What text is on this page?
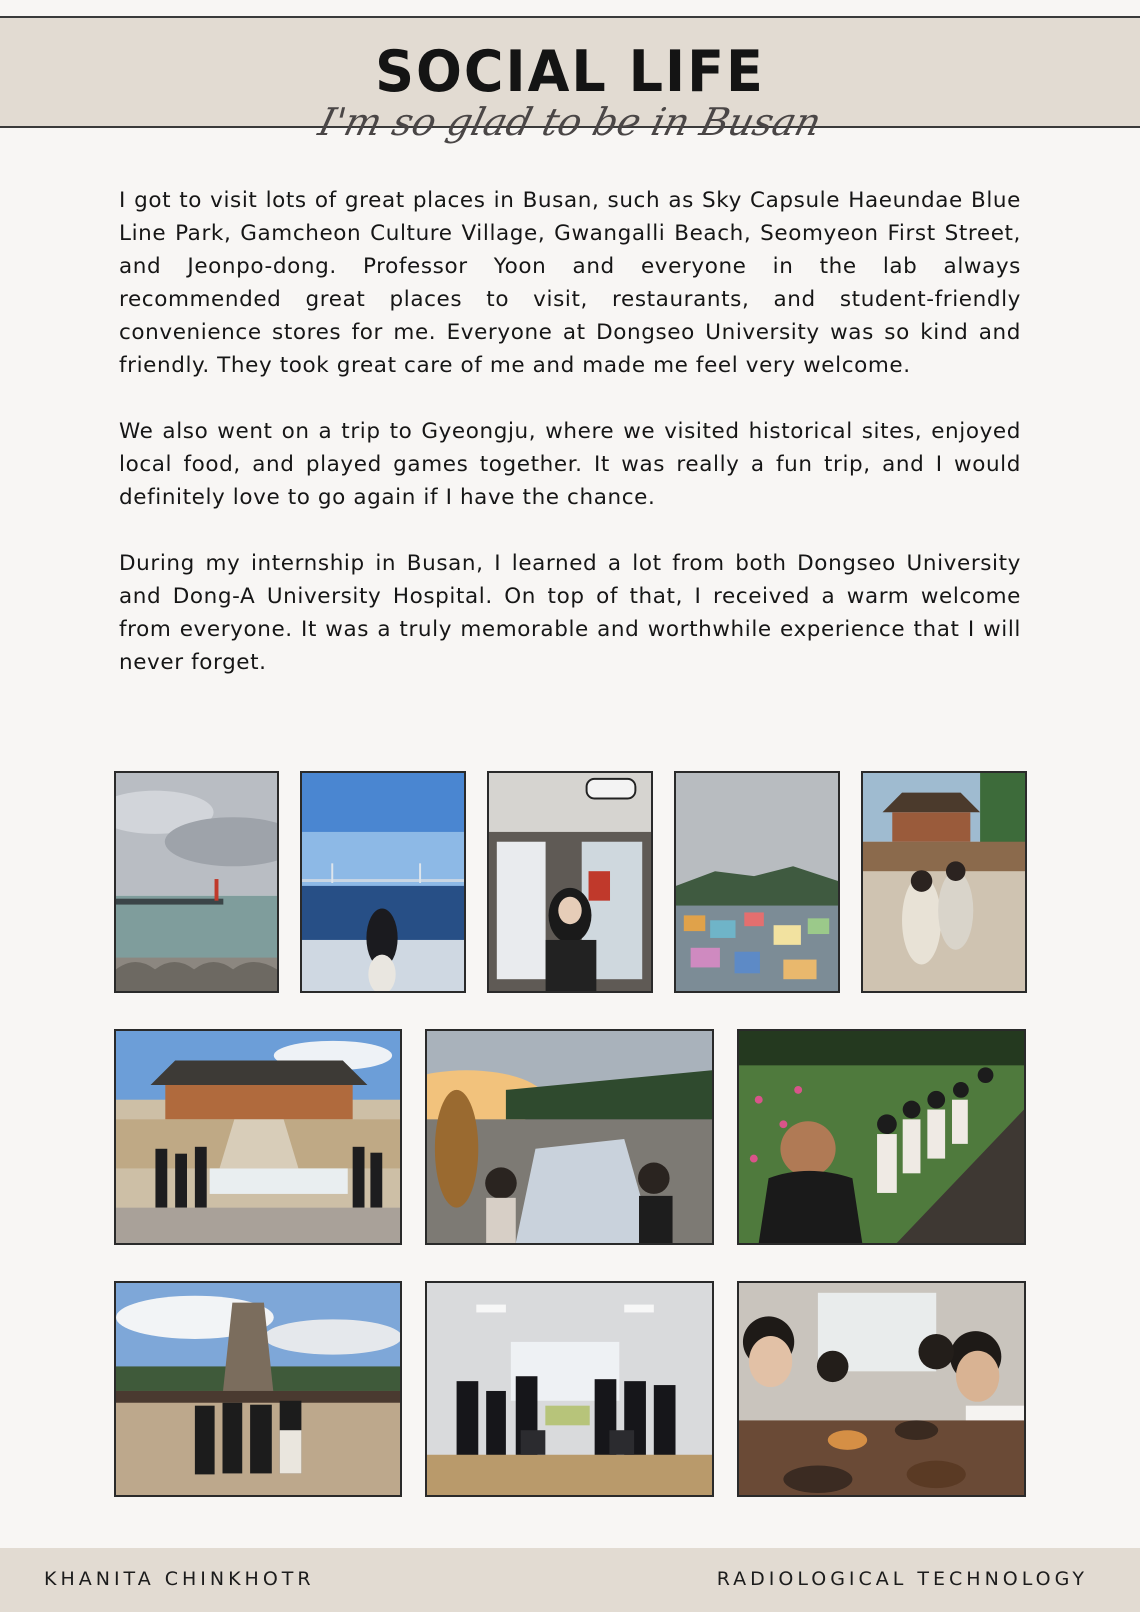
SOCIAL LIFE
I'm so glad to be in Busan

I got to visit lots of great places in Busan, such as Sky Capsule Haeundae Blue Line Park, Gamcheon Culture Village, Gwangalli Beach, Seomyeon First Street, and Jeonpo-dong. Professor Yoon and everyone in the lab always recommended great places to visit, restaurants, and student-friendly convenience stores for me. Everyone at Dongseo University was so kind and friendly. They took great care of me and made me feel very welcome.

We also went on a trip to Gyeongju, where we visited historical sites, enjoyed local food, and played games together. It was really a fun trip, and I would definitely love to go again if I have the chance.

During my internship in Busan, I learned a lot from both Dongseo University and Dong-A University Hospital. On top of that, I received a warm welcome from everyone. It was a truly memorable and worthwhile experience that I will never forget.

KHANITA CHINKHOTR	RADIOLOGICAL TECHNOLOGY
